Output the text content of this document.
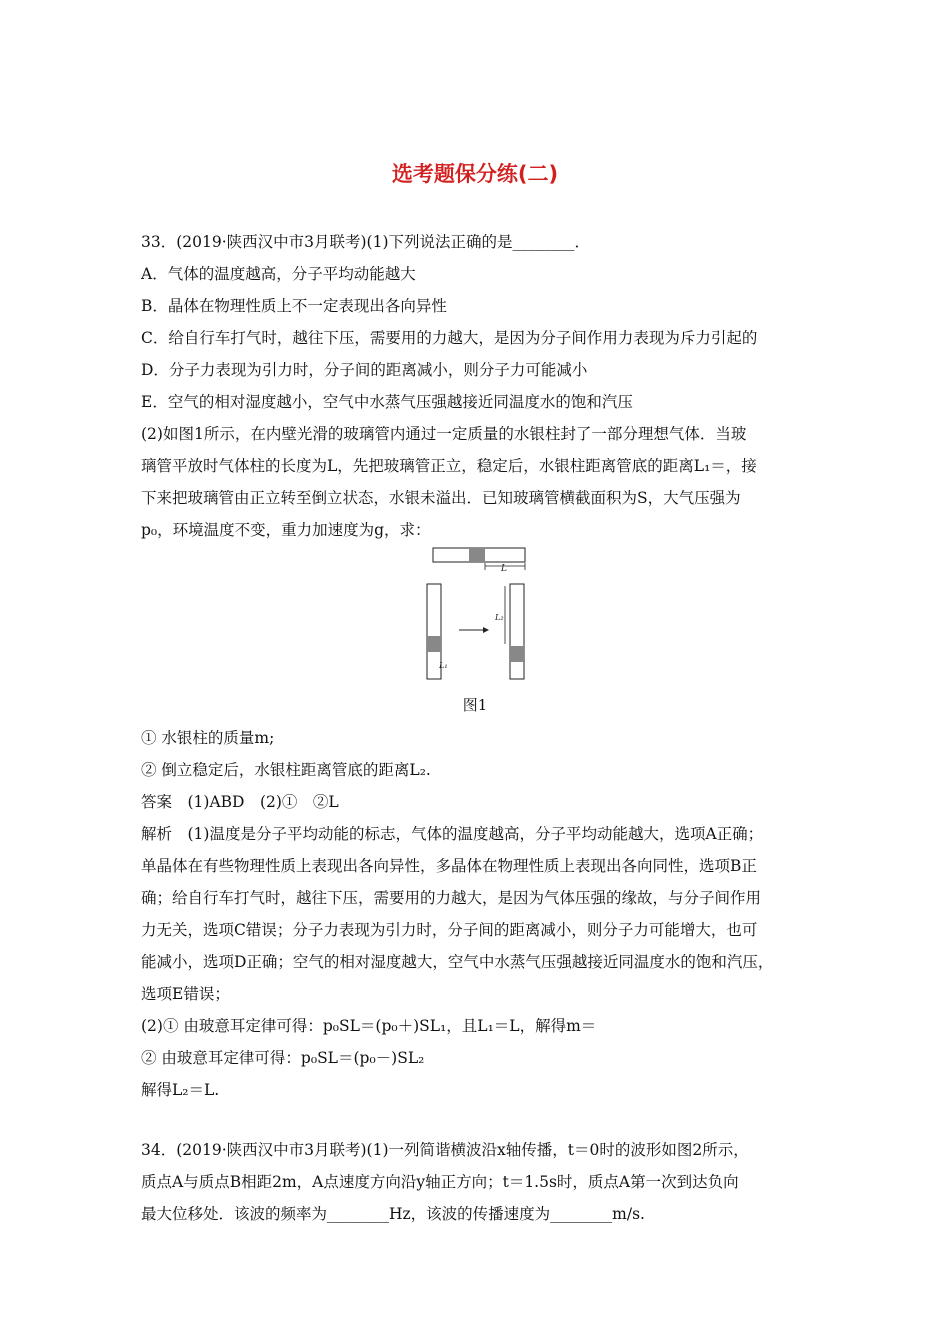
选考题保分练(二)
33．(2019·陕西汉中市3月联考)(1)下列说法正确的是________．
A．气体的温度越高，分子平均动能越大
B．晶体在物理性质上不一定表现出各向异性
C．给自行车打气时，越往下压，需要用的力越大，是因为分子间作用力表现为斥力引起的
D．分子力表现为引力时，分子间的距离减小，则分子力可能减小
E．空气的相对湿度越小，空气中水蒸气压强越接近同温度水的饱和汽压
(2)如图1所示，在内壁光滑的玻璃管内通过一定质量的水银柱封了一部分理想气体．当玻
璃管平放时气体柱的长度为L，先把玻璃管正立，稳定后，水银柱距离管底的距离L₁＝，接
下来把玻璃管由正立转至倒立状态，水银未溢出．已知玻璃管横截面积为S，大气压强为
p₀，环境温度不变，重力加速度为g，求：
L
L₁
L₂
图1
① 水银柱的质量m;
② 倒立稳定后，水银柱距离管底的距离L₂.
答案　(1)ABD　(2)①　②L
解析　(1)温度是分子平均动能的标志，气体的温度越高，分子平均动能越大，选项A正确；
单晶体在有些物理性质上表现出各向异性，多晶体在物理性质上表现出各向同性，选项B正
确；给自行车打气时，越往下压，需要用的力越大，是因为气体压强的缘故，与分子间作用
力无关，选项C错误；分子力表现为引力时，分子间的距离减小，则分子力可能增大，也可
能减小，选项D正确；空气的相对湿度越大，空气中水蒸气压强越接近同温度水的饱和汽压，
选项E错误；
(2)① 由玻意耳定律可得：p₀SL＝(p₀＋)SL₁，且L₁＝L，解得m＝
② 由玻意耳定律可得：p₀SL＝(p₀－)SL₂
解得L₂＝L.
34．(2019·陕西汉中市3月联考)(1)一列简谐横波沿x轴传播，t＝0时的波形如图2所示，
质点A与质点B相距2m，A点速度方向沿y轴正方向；t＝1.5s时，质点A第一次到达负向
最大位移处．该波的频率为________Hz，该波的传播速度为________m/s.
